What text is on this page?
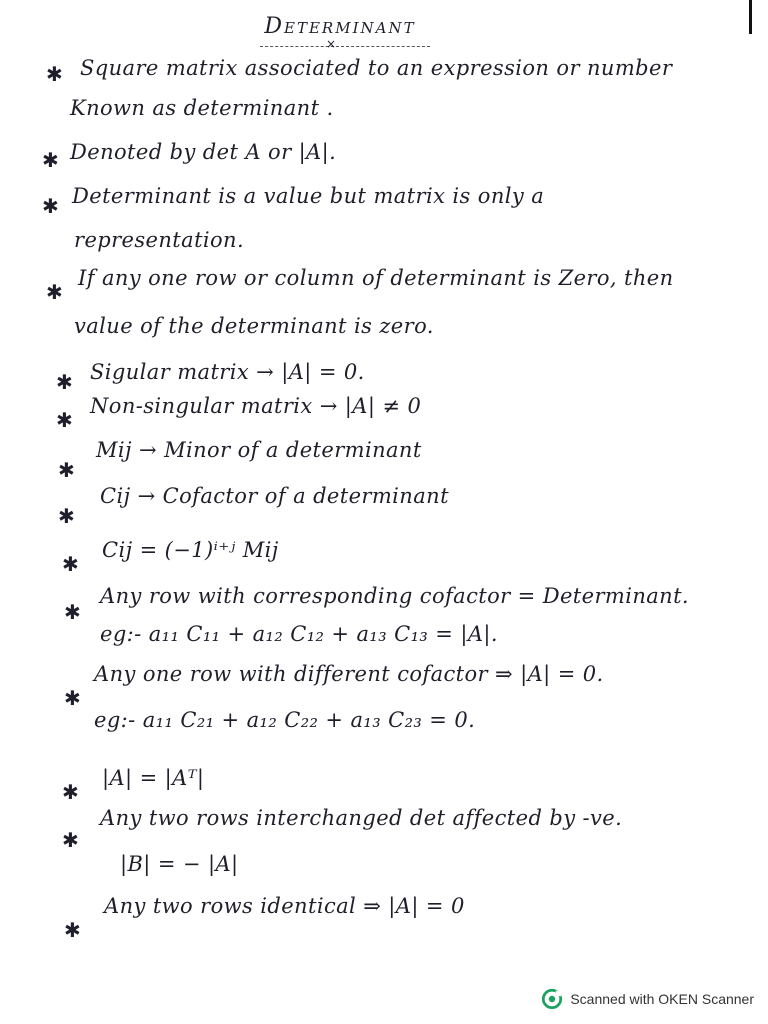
Determinant
×
✱ Square matrix associated to an expression or number
Known as determinant .
✱ Denoted by det A or |A|.
✱ Determinant is a value but matrix is only a
representation.
✱
If any one row or column of determinant is Zero, then
value of the determinant is zero.
✱ Sigular matrix → |A| = 0.
✱
Non-singular matrix → |A| ≠ 0
✱
Mij → Minor of a determinant
✱
Cij → Cofactor of a determinant
✱
Cij = (−1)ⁱ⁺ʲ Mij
✱
Any row with corresponding cofactor = Determinant.
eg:- a₁₁ C₁₁ + a₁₂ C₁₂ + a₁₃ C₁₃ = |A|.
✱
Any one row with different cofactor ⇒ |A| = 0.
eg:- a₁₁ C₂₁ + a₁₂ C₂₂ + a₁₃ C₂₃ = 0.
✱
|A| = |Aᵀ|
✱
Any two rows interchanged det affected by -ve.
|B| = − |A|
✱
Any two rows identical ⇒ |A| = 0
Scanned with OKEN Scanner
